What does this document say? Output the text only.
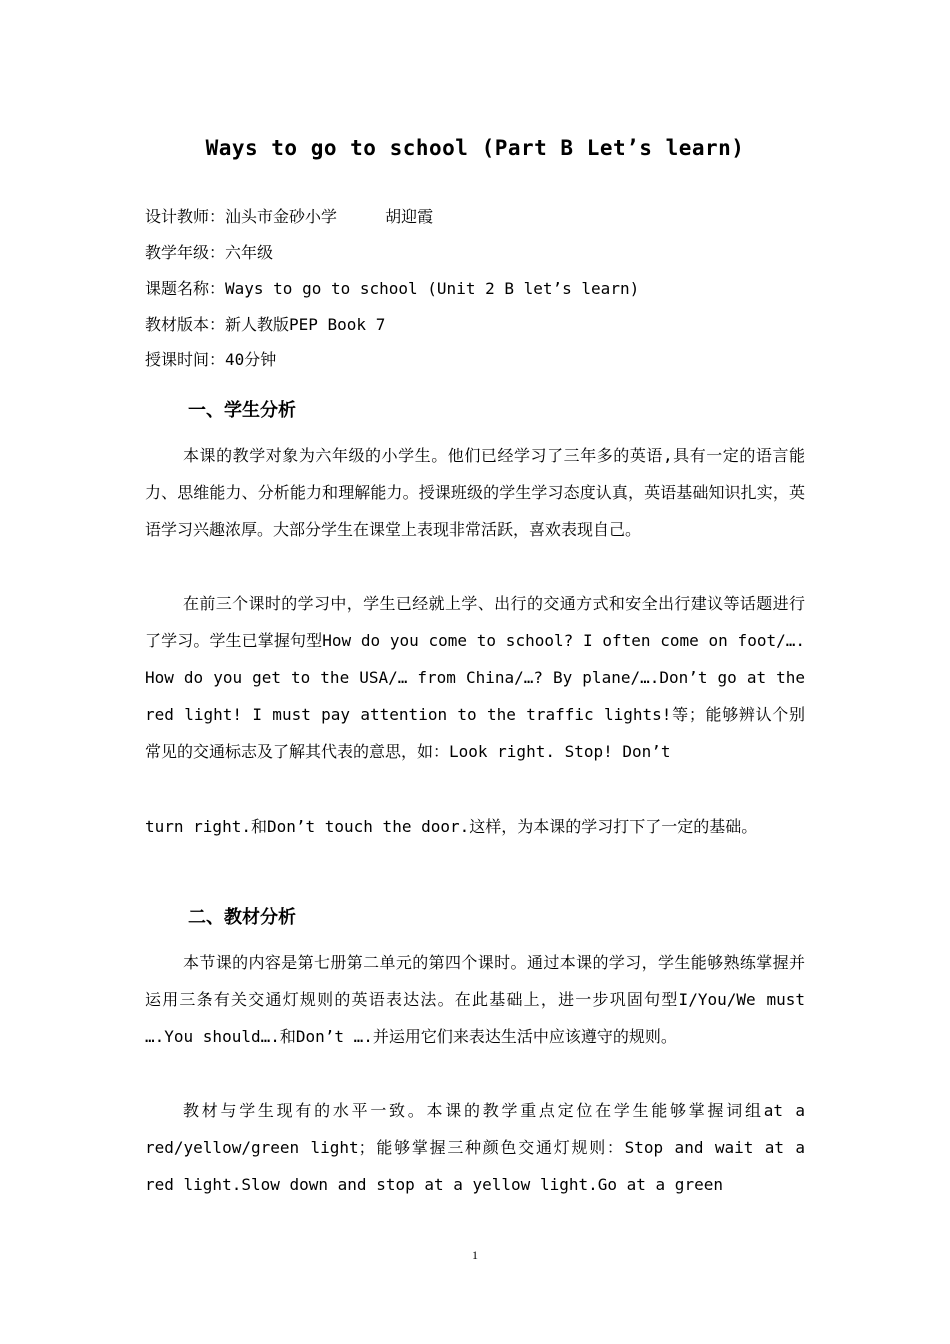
Ways to go to school (Part B Let’s learn)
设计教师：汕头市金砂小学     胡迎霞
教学年级：六年级
课题名称：Ways to go to school (Unit 2 B let’s learn)
教材版本：新人教版PEP Book 7
授课时间：40分钟
一、学生分析
本课的教学对象为六年级的小学生。他们已经学习了三年多的英语,具有一定的语言能力、思维能力、分析能力和理解能力。授课班级的学生学习态度认真，英语基础知识扎实，英语学习兴趣浓厚。大部分学生在课堂上表现非常活跃，喜欢表现自己。
在前三个课时的学习中，学生已经就上学、出行的交通方式和安全出行建议等话题进行了学习。学生已掌握句型How do you come to school? I often come on foot/…. How do you get to the USA/… from China/…? By plane/….Don’t go at the red light! I must pay attention to the traffic lights!等；能够辨认个别常见的交通标志及了解其代表的意思，如：Look right. Stop! Don’t
turn right.和Don’t touch the door.这样，为本课的学习打下了一定的基础。
二、教材分析
本节课的内容是第七册第二单元的第四个课时。通过本课的学习，学生能够熟练掌握并运用三条有关交通灯规则的英语表达法。在此基础上，进一步巩固句型I/You/We must ….You should….和Don’t ….并运用它们来表达生活中应该遵守的规则。
教材与学生现有的水平一致。本课的教学重点定位在学生能够掌握词组at a red/yellow/green light；能够掌握三种颜色交通灯规则：Stop and wait at a red light.Slow down and stop at a yellow light.Go at a green
1
